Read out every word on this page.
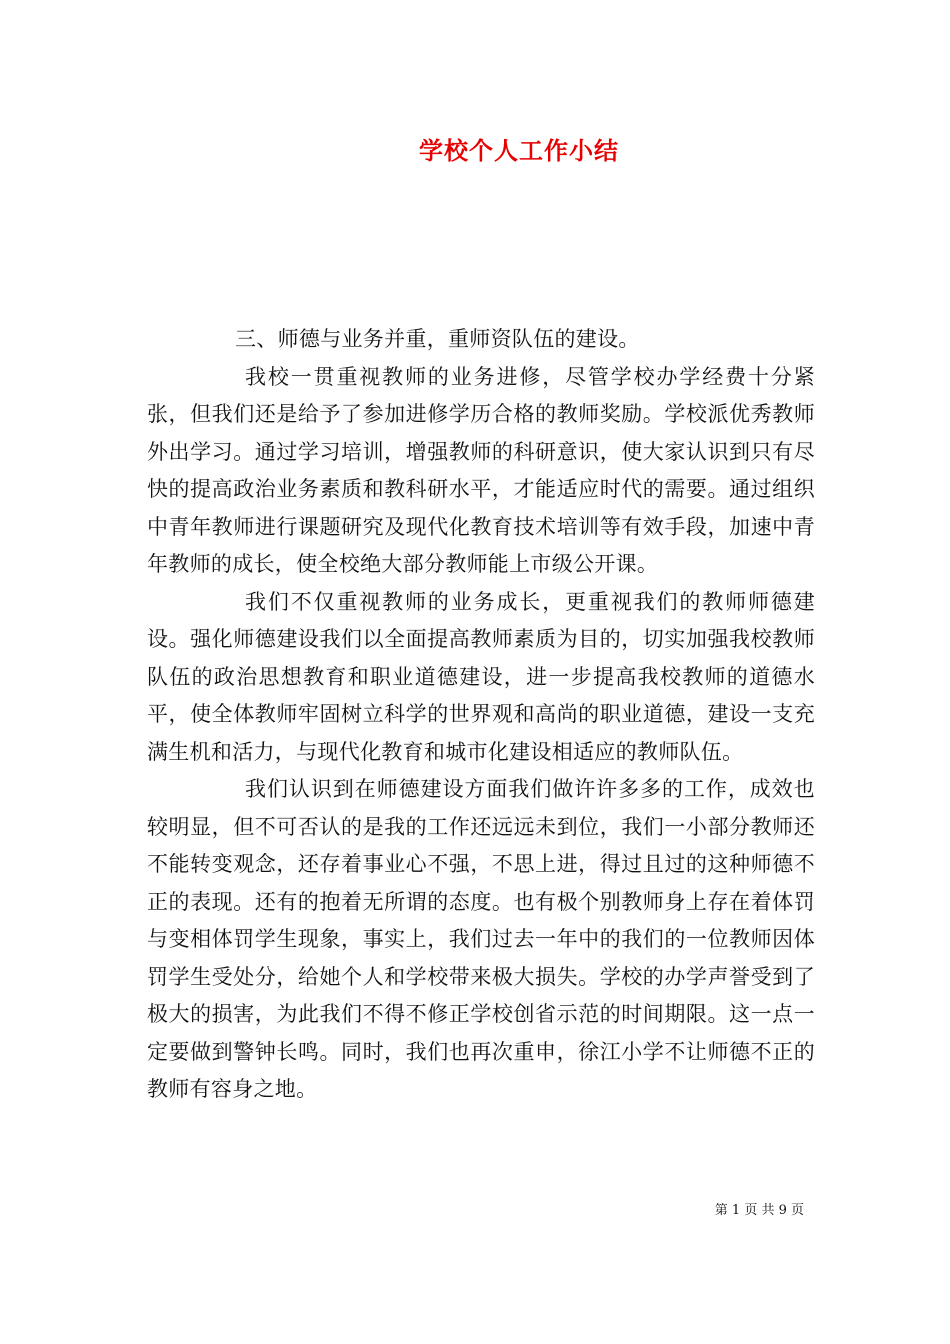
学校个人工作小结

三、师德与业务并重，重师资队伍的建设。

我校一贯重视教师的业务进修，尽管学校办学经费十分紧张，但我们还是给予了参加进修学历合格的教师奖励。学校派优秀教师外出学习。通过学习培训，增强教师的科研意识，使大家认识到只有尽快的提高政治业务素质和教科研水平，才能适应时代的需要。通过组织中青年教师进行课题研究及现代化教育技术培训等有效手段，加速中青年教师的成长，使全校绝大部分教师能上市级公开课。

我们不仅重视教师的业务成长，更重视我们的教师师德建设。强化师德建设我们以全面提高教师素质为目的，切实加强我校教师队伍的政治思想教育和职业道德建设，进一步提高我校教师的道德水平，使全体教师牢固树立科学的世界观和高尚的职业道德，建设一支充满生机和活力，与现代化教育和城市化建设相适应的教师队伍。

我们认识到在师德建设方面我们做许许多多的工作，成效也较明显，但不可否认的是我的工作还远远未到位，我们一小部分教师还不能转变观念，还存着事业心不强，不思上进，得过且过的这种师德不正的表现。还有的抱着无所谓的态度。也有极个别教师身上存在着体罚与变相体罚学生现象，事实上，我们过去一年中的我们的一位教师因体罚学生受处分，给她个人和学校带来极大损失。学校的办学声誉受到了极大的损害，为此我们不得不修正学校创省示范的时间期限。这一点一定要做到警钟长鸣。同时，我们也再次重申，徐江小学不让师德不正的教师有容身之地。

第 1 页 共 9 页
